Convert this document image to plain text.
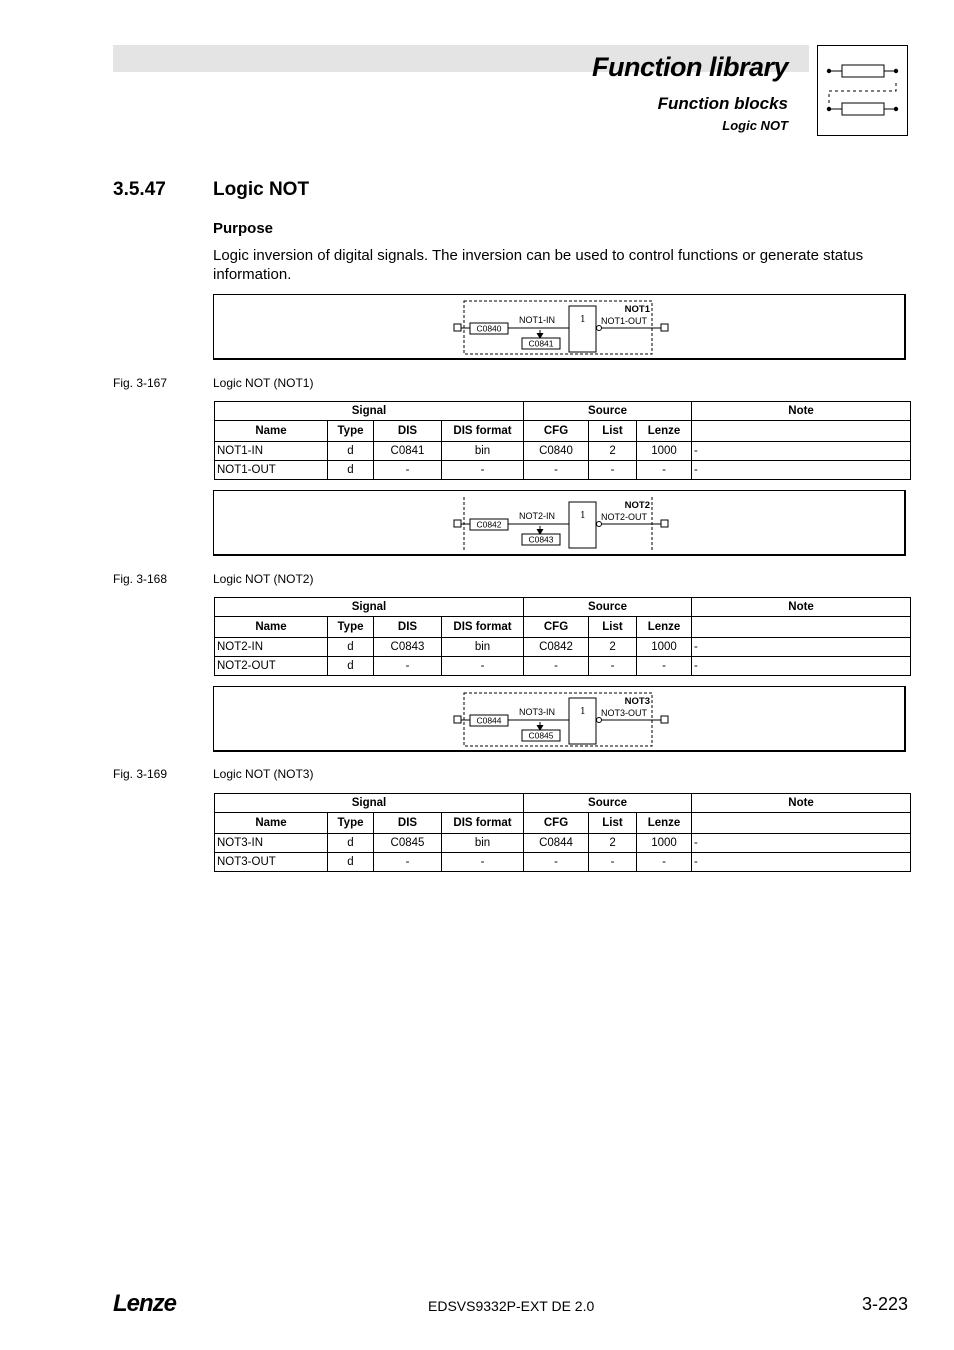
Function library
Function blocks
Logic NOT
3.5.47 Logic NOT
Purpose
Logic inversion of digital signals. The inversion can be used to control functions or generate status information.
C0840
NOT1-IN
C0841
1 NOT1-OUT
NOT1
Fig. 3-167	Logic NOT (NOT1)
Signal				Source			Note
Name	Type	DIS	DIS format	CFG	List	Lenze	
NOT1-IN	d	C0841	bin	C0840	2	1000	-
NOT1-OUT	d	-	-	-	-	-	-
C0842
NOT2-IN
C0843
1 NOT2-OUT
NOT2
Fig. 3-168	Logic NOT (NOT2)
Signal				Source			Note
Name	Type	DIS	DIS format	CFG	List	Lenze	
NOT2-IN	d	C0843	bin	C0842	2	1000	-
NOT2-OUT	d	-	-	-	-	-	-
C0844
NOT3-IN
C0845
1 NOT3-OUT
NOT3
Fig. 3-169	Logic NOT (NOT3)
Signal				Source			Note
Name	Type	DIS	DIS format	CFG	List	Lenze	
NOT3-IN	d	C0845	bin	C0844	2	1000	-
NOT3-OUT	d	-	-	-	-	-	-
Lenze	EDSVS9332P-EXT DE 2.0	3-223
